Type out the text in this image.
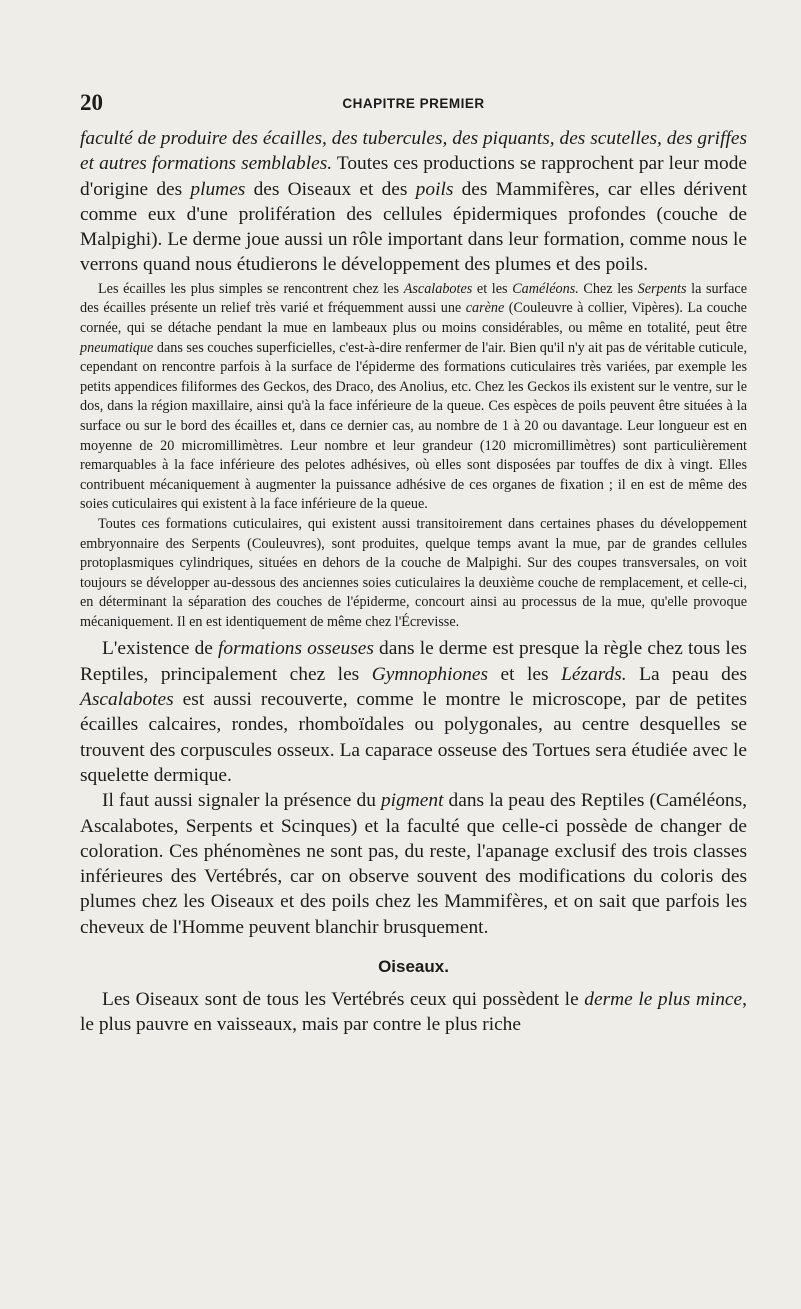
20	CHAPITRE PREMIER

faculté de produire des écailles, des tubercules, des piquants, des scutelles, des griffes et autres formations semblables. Toutes ces productions se rapprochent par leur mode d'origine des plumes des Oiseaux et des poils des Mammifères, car elles dérivent comme eux d'une prolifération des cellules épidermiques profondes (couche de Malpighi). Le derme joue aussi un rôle important dans leur formation, comme nous le verrons quand nous étudierons le développement des plumes et des poils.

Les écailles les plus simples se rencontrent chez les Ascalabotes et les Caméléons. Chez les Serpents la surface des écailles présente un relief très varié et fréquemment aussi une carène (Couleuvre à collier, Vipères). La couche cornée, qui se détache pendant la mue en lambeaux plus ou moins considérables, ou même en totalité, peut être pneumatique dans ses couches superficielles, c'est-à-dire renfermer de l'air. Bien qu'il n'y ait pas de véritable cuticule, cependant on rencontre parfois à la surface de l'épiderme des formations cuticulaires très variées, par exemple les petits appendices filiformes des Geckos, des Draco, des Anolius, etc. Chez les Geckos ils existent sur le ventre, sur le dos, dans la région maxillaire, ainsi qu'à la face inférieure de la queue. Ces espèces de poils peuvent être situées à la surface ou sur le bord des écailles et, dans ce dernier cas, au nombre de 1 à 20 ou davantage. Leur longueur est en moyenne de 20 micromillimètres. Leur nombre et leur grandeur (120 micromillimètres) sont particulièrement remarquables à la face inférieure des pelotes adhésives, où elles sont disposées par touffes de dix à vingt. Elles contribuent mécaniquement à augmenter la puissance adhésive de ces organes de fixation ; il en est de même des soies cuticulaires qui existent à la face inférieure de la queue.

Toutes ces formations cuticulaires, qui existent aussi transitoirement dans certaines phases du développement embryonnaire des Serpents (Couleuvres), sont produites, quelque temps avant la mue, par de grandes cellules protoplasmiques cylindriques, situées en dehors de la couche de Malpighi. Sur des coupes transversales, on voit toujours se développer au-dessous des anciennes soies cuticulaires la deuxième couche de remplacement, et celle-ci, en déterminant la séparation des couches de l'épiderme, concourt ainsi au processus de la mue, qu'elle provoque mécaniquement. Il en est identiquement de même chez l'Écrevisse.

L'existence de formations osseuses dans le derme est presque la règle chez tous les Reptiles, principalement chez les Gymnophiones et les Lézards. La peau des Ascalabotes est aussi recouverte, comme le montre le microscope, par de petites écailles calcaires, rondes, rhomboïdales ou polygonales, au centre desquelles se trouvent des corpuscules osseux. La caparace osseuse des Tortues sera étudiée avec le squelette dermique.

Il faut aussi signaler la présence du pigment dans la peau des Reptiles (Caméléons, Ascalabotes, Serpents et Scinques) et la faculté que celle-ci possède de changer de coloration. Ces phénomènes ne sont pas, du reste, l'apanage exclusif des trois classes inférieures des Vertébrés, car on observe souvent des modifications du coloris des plumes chez les Oiseaux et des poils chez les Mammifères, et on sait que parfois les cheveux de l'Homme peuvent blanchir brusquement.

Oiseaux.

Les Oiseaux sont de tous les Vertébrés ceux qui possèdent le derme le plus mince, le plus pauvre en vaisseaux, mais par contre le plus riche
